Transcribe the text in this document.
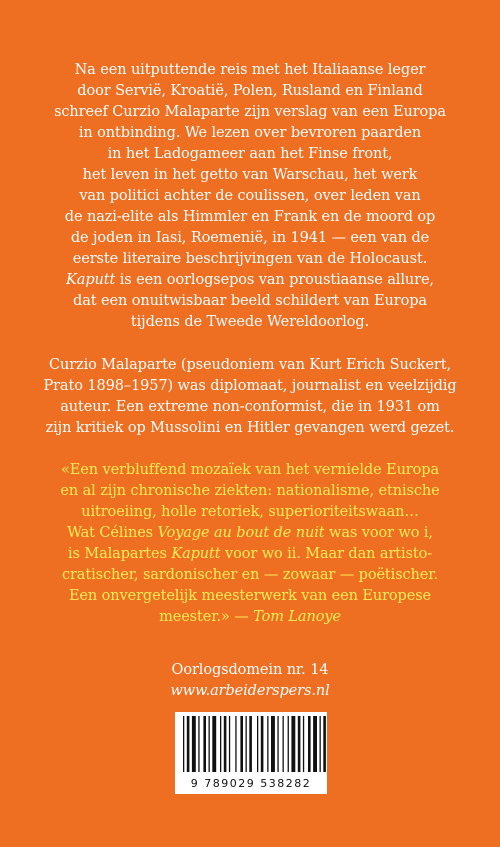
Na een uitputtende reis met het Italiaanse leger
door Servië, Kroatië, Polen, Rusland en Finland
schreef Curzio Malaparte zijn verslag van een Europa
in ontbinding. We lezen over bevroren paarden
in het Ladogameer aan het Finse front,
het leven in het getto van Warschau, het werk
van politici achter de coulissen, over leden van
de nazi-elite als Himmler en Frank en de moord op
de joden in Iasi, Roemenië, in 1941 — een van de
eerste literaire beschrijvingen van de Holocaust.
Kaputt is een oorlogsepos van proustiaanse allure,
dat een onuitwisbaar beeld schildert van Europa
tijdens de Tweede Wereldoorlog.
Curzio Malaparte (pseudoniem van Kurt Erich Suckert,
Prato 1898–1957) was diplomaat, journalist en veelzijdig
auteur. Een extreme non-conformist, die in 1931 om
zijn kritiek op Mussolini en Hitler gevangen werd gezet.
«Een verbluffend mozaïek van het vernielde Europa
en al zijn chronische ziekten: nationalisme, etnische
uitroeiing, holle retoriek, superioriteitswaan…
Wat Célines Voyage au bout de nuit was voor wo i,
is Malapartes Kaputt voor wo ii. Maar dan artisto-
cratischer, sardonischer en — zowaar — poëtischer.
Een onvergetelijk meesterwerk van een Europese
meester.» — Tom Lanoye
Oorlogsdomein nr. 14
www.arbeiderspers.nl
9 789029 538282
